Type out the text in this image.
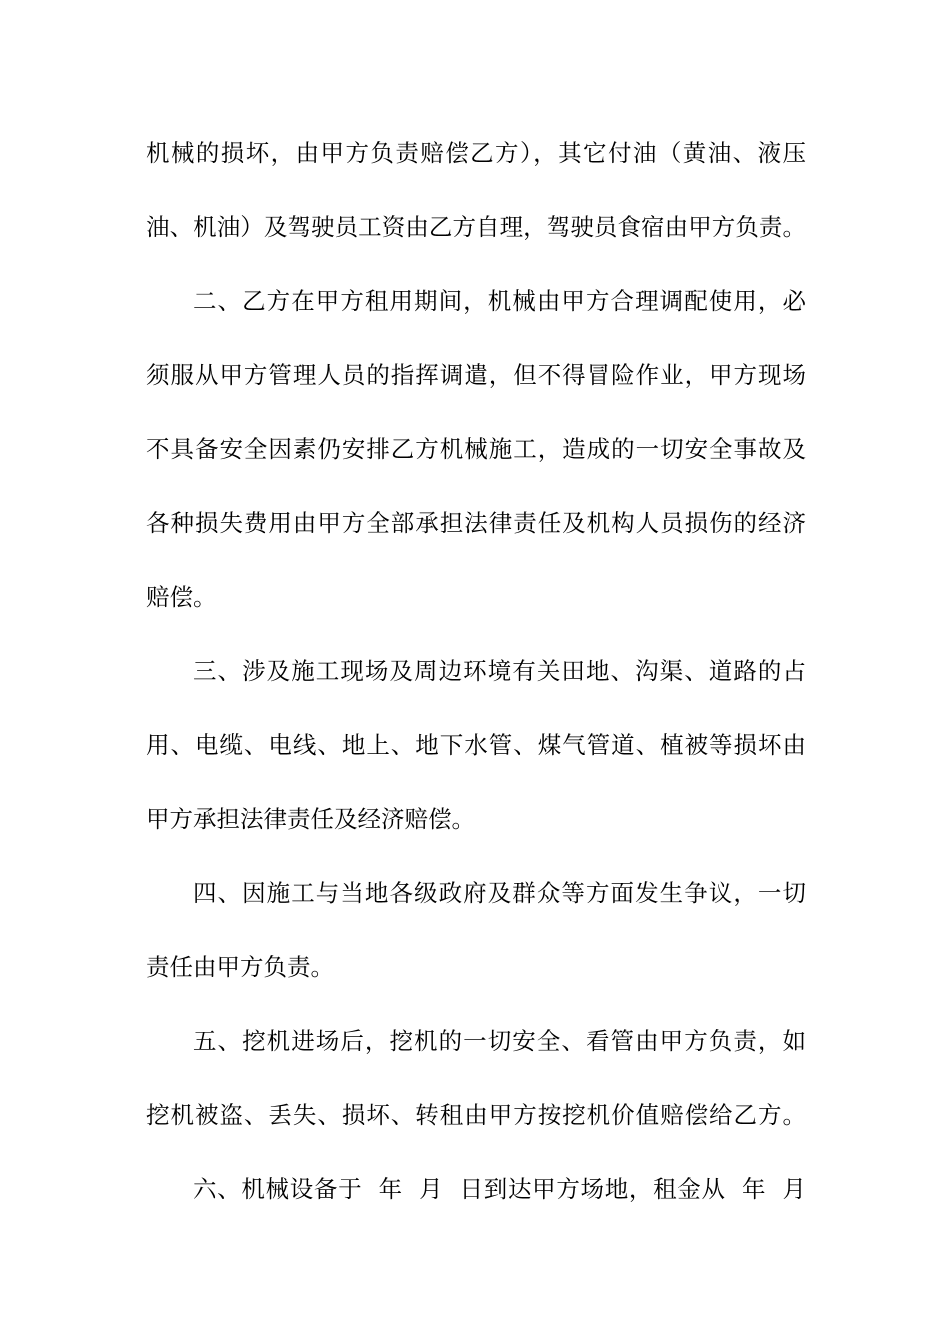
机械的损坏，由甲方负责赔偿乙方），其它付油（黄油、液压
油、机油）及驾驶员工资由乙方自理，驾驶员食宿由甲方负责。
二、乙方在甲方租用期间，机械由甲方合理调配使用，必
须服从甲方管理人员的指挥调遣，但不得冒险作业，甲方现场
不具备安全因素仍安排乙方机械施工，造成的一切安全事故及
各种损失费用由甲方全部承担法律责任及机构人员损伤的经济
赔偿。
三、涉及施工现场及周边环境有关田地、沟渠、道路的占
用、电缆、电线、地上、地下水管、煤气管道、植被等损坏由
甲方承担法律责任及经济赔偿。
四、因施工与当地各级政府及群众等方面发生争议，一切
责任由甲方负责。
五、挖机进场后，挖机的一切安全、看管由甲方负责，如
挖机被盗、丢失、损坏、转租由甲方按挖机价值赔偿给乙方。
六、机械设备于  年  月  日到达甲方场地，租金从  年  月
